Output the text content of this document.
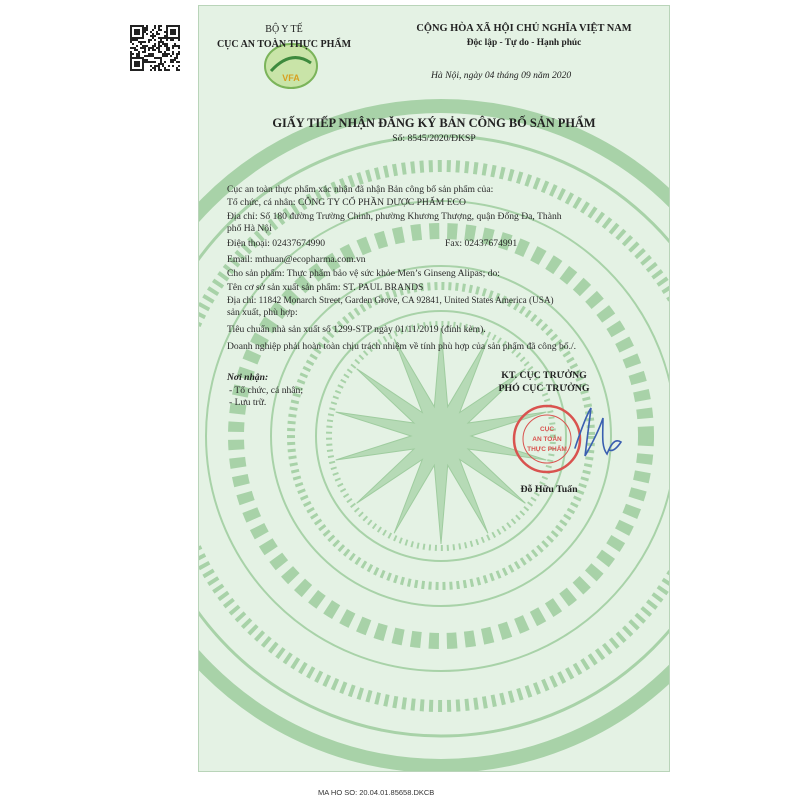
VFA
BỘ Y TẾ
CỤC AN TOÀN THỰC PHẨM
CỘNG HÒA XÃ HỘI CHỦ NGHĨA VIỆT NAM
Độc lập - Tự do - Hạnh phúc
Hà Nội, ngày 04 tháng 09 năm 2020
GIẤY TIẾP NHẬN ĐĂNG KÝ BẢN CÔNG BỐ SẢN PHẨM
Số: 8545/2020/ĐKSP
Cục an toàn thực phẩm xác nhận đã nhận Bản công bố sản phẩm của:
Tổ chức, cá nhân: CÔNG TY CỔ PHẦN DƯỢC PHẨM ECO
Địa chỉ: Số 180 đường Trường Chinh, phường Khương Thượng, quận Đống Đa, Thành
phố Hà Nội
Điện thoại: 02437674990	Fax: 02437674991
Email: mthuan@ecopharma.com.vn
Cho sản phẩm: Thực phẩm bảo vệ sức khỏe Men’s Ginseng Alipas; do:
Tên cơ sở sản xuất sản phẩm: ST. PAUL BRANDS
Địa chỉ: 11842 Monarch Street, Garden Grove, CA 92841, United States America (USA)
sản xuất, phù hợp:
Tiêu chuẩn nhà sản xuất số 1299-STP ngày 01/11/2019 (đính kèm).
Doanh nghiệp phải hoàn toàn chịu trách nhiệm về tính phù hợp của sản phẩm đã công bố./.
Nơi nhận:
- Tổ chức, cá nhân;
- Lưu trữ.
KT. CỤC TRƯỞNG
PHÓ CỤC TRƯỞNG
CỤC
AN TOÀN
THỰC PHẨM
Đỗ Hữu Tuấn
MA HO SO: 20.04.01.85658.DKCB
